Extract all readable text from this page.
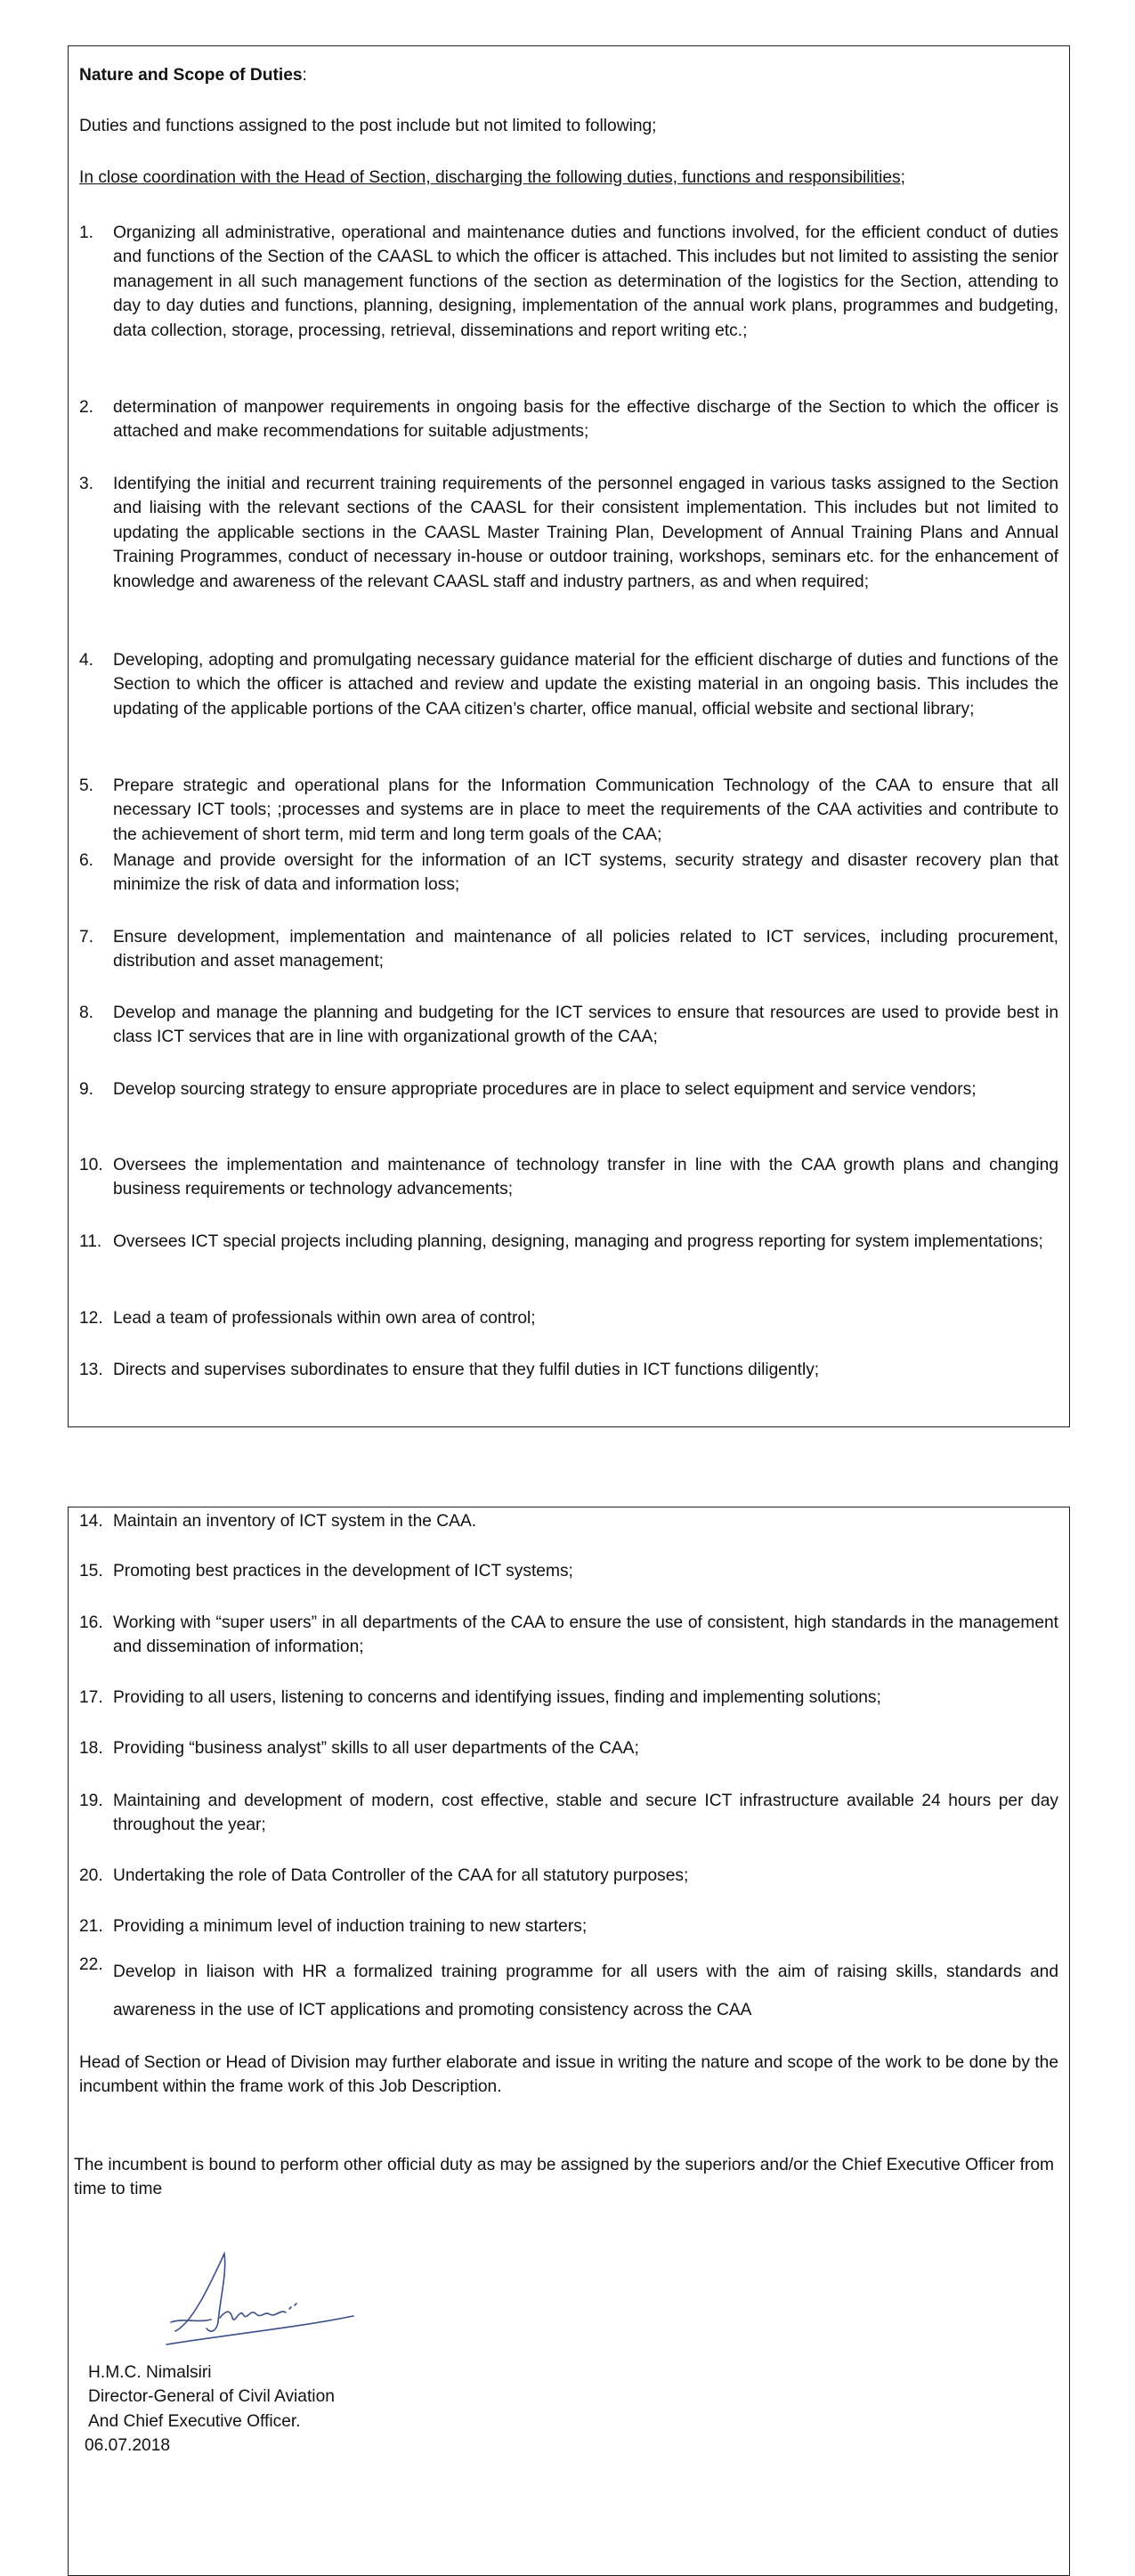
Nature and Scope of Duties:
Duties and functions assigned to the post include but not limited to following;
In close coordination with the Head of Section, discharging the following duties, functions and responsibilities;
1. Organizing all administrative, operational and maintenance duties and functions involved, for the efficient conduct of duties and functions of the Section of the CAASL to which the officer is attached. This includes but not limited to assisting the senior management in all such management functions of the section as determination of the logistics for the Section, attending to day to day duties and functions, planning, designing, implementation of the annual work plans, programmes and budgeting, data collection, storage, processing, retrieval, disseminations and report writing etc.;
2. determination of manpower requirements in ongoing basis for the effective discharge of the Section to which the officer is attached and make recommendations for suitable adjustments;
3. Identifying the initial and recurrent training requirements of the personnel engaged in various tasks assigned to the Section and liaising with the relevant sections of the CAASL for their consistent implementation. This includes but not limited to updating the applicable sections in the CAASL Master Training Plan, Development of Annual Training Plans and Annual Training Programmes, conduct of necessary in-house or outdoor training, workshops, seminars etc. for the enhancement of knowledge and awareness of the relevant CAASL staff and industry partners, as and when required;
4. Developing, adopting and promulgating necessary guidance material for the efficient discharge of duties and functions of the Section to which the officer is attached and review and update the existing material in an ongoing basis. This includes the updating of the applicable portions of the CAA citizen’s charter, office manual, official website and sectional library;
5. Prepare strategic and operational plans for the Information Communication Technology of the CAA to ensure that all necessary ICT tools; ;processes and systems are in place to meet the requirements of the CAA activities and contribute to the achievement of short term, mid term and long term goals of the CAA;
6. Manage and provide oversight for the information of an ICT systems, security strategy and disaster recovery plan that minimize the risk of data and information loss;
7. Ensure development, implementation and maintenance of all policies related to ICT services, including procurement, distribution and asset management;
8. Develop and manage the planning and budgeting for the ICT services to ensure that resources are used to provide best in class ICT services that are in line with organizational growth of the CAA;
9. Develop sourcing strategy to ensure appropriate procedures are in place to select equipment and service vendors;
10. Oversees the implementation and maintenance of technology transfer in line with the CAA growth plans and changing business requirements or technology advancements;
11. Oversees ICT special projects including planning, designing, managing and progress reporting for system implementations;
12. Lead a team of professionals within own area of control;
13. Directs and supervises subordinates to ensure that they fulfil duties in ICT functions diligently;
14. Maintain an inventory of ICT system in the CAA.
15. Promoting best practices in the development of ICT systems;
16. Working with “super users” in all departments of the CAA to ensure the use of consistent, high standards in the management and dissemination of information;
17. Providing to all users, listening to concerns and identifying issues, finding and implementing solutions;
18. Providing “business analyst” skills to all user departments of the CAA;
19. Maintaining and development of modern, cost effective, stable and secure ICT infrastructure available 24 hours per day throughout the year;
20. Undertaking the role of Data Controller of the CAA for all statutory purposes;
21. Providing a minimum level of induction training to new starters;
22. Develop in liaison with HR a formalized training programme for all users with the aim of raising skills, standards and awareness in the use of ICT applications and promoting consistency across the CAA
Head of Section or Head of Division may further elaborate and issue in writing the nature and scope of the work to be done by the incumbent within the frame work of this Job Description.
The incumbent is bound to perform other official duty as may be assigned by the superiors and/or the Chief Executive Officer from time to time
H.M.C. Nimalsiri
Director-General of Civil Aviation
And Chief Executive Officer.
06.07.2018
